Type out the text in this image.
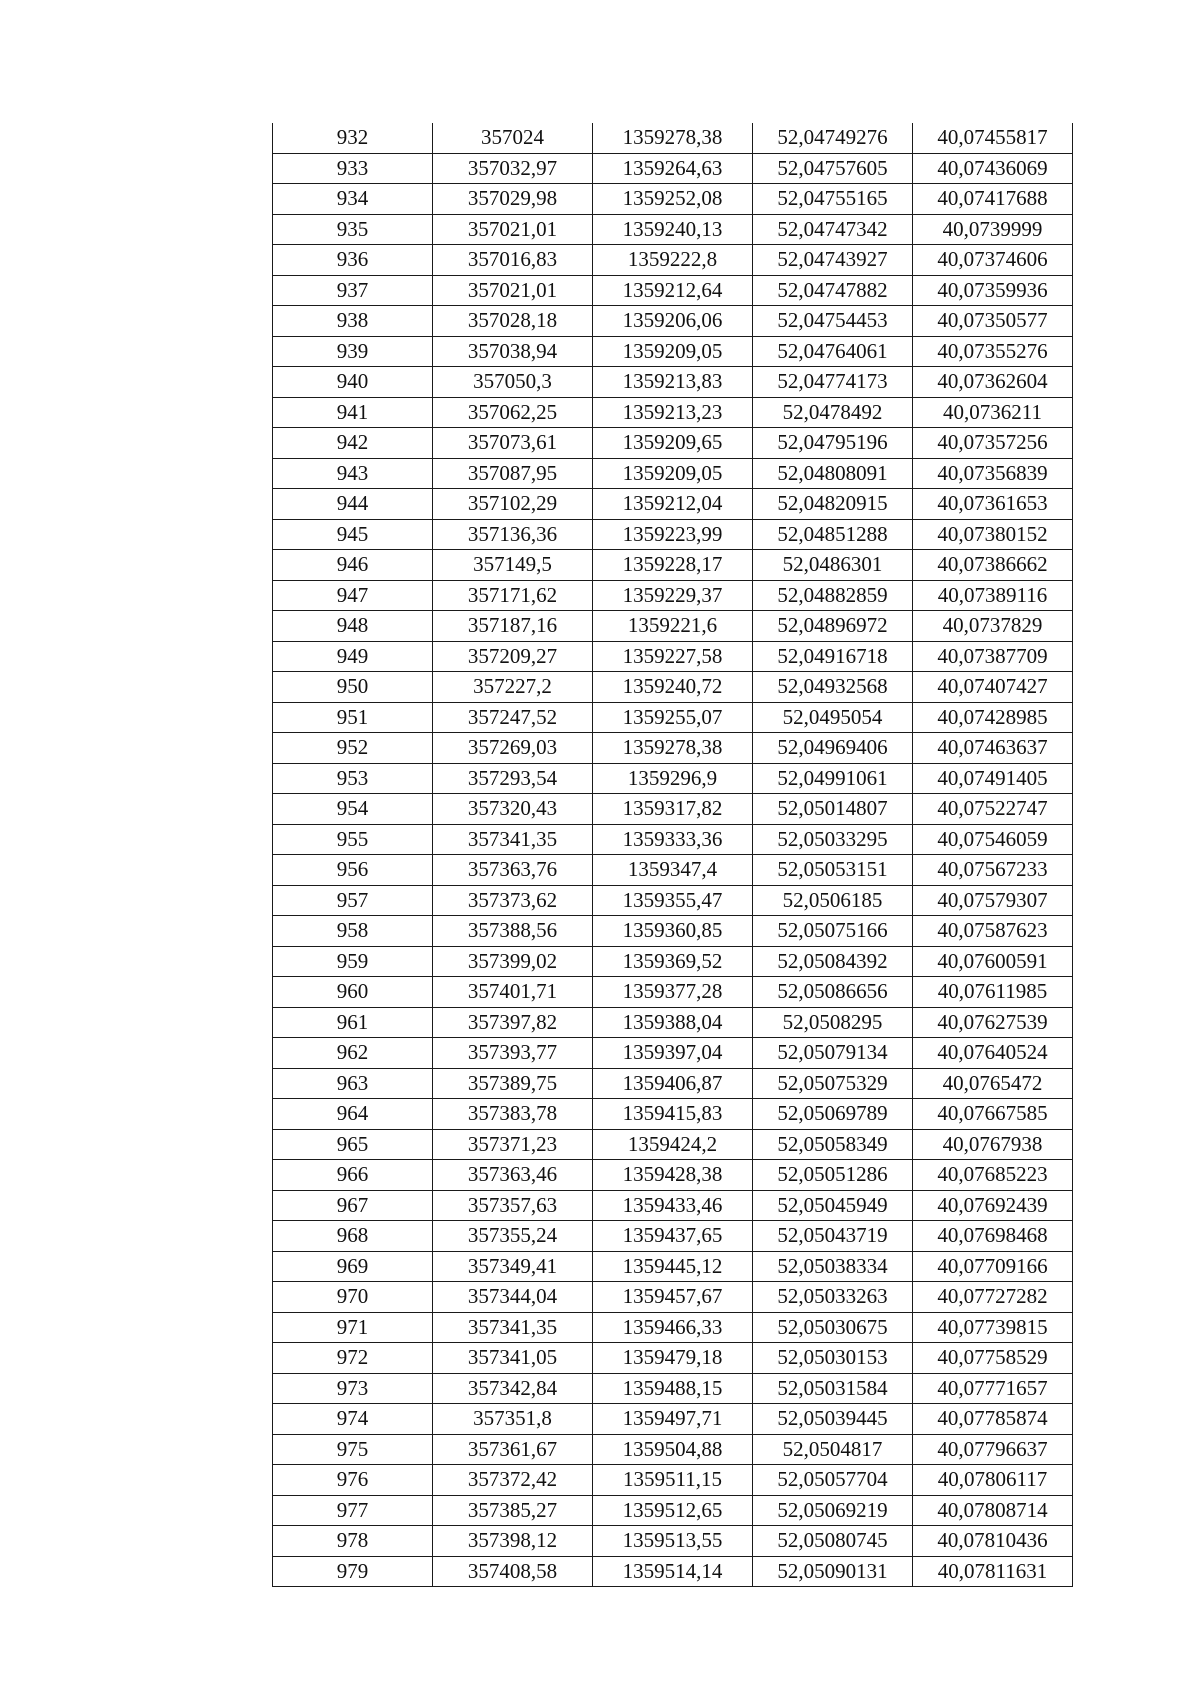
932	357024	1359278,38	52,04749276	40,07455817
933	357032,97	1359264,63	52,04757605	40,07436069
934	357029,98	1359252,08	52,04755165	40,07417688
935	357021,01	1359240,13	52,04747342	40,0739999
936	357016,83	1359222,8	52,04743927	40,07374606
937	357021,01	1359212,64	52,04747882	40,07359936
938	357028,18	1359206,06	52,04754453	40,07350577
939	357038,94	1359209,05	52,04764061	40,07355276
940	357050,3	1359213,83	52,04774173	40,07362604
941	357062,25	1359213,23	52,0478492	40,0736211
942	357073,61	1359209,65	52,04795196	40,07357256
943	357087,95	1359209,05	52,04808091	40,07356839
944	357102,29	1359212,04	52,04820915	40,07361653
945	357136,36	1359223,99	52,04851288	40,07380152
946	357149,5	1359228,17	52,0486301	40,07386662
947	357171,62	1359229,37	52,04882859	40,07389116
948	357187,16	1359221,6	52,04896972	40,0737829
949	357209,27	1359227,58	52,04916718	40,07387709
950	357227,2	1359240,72	52,04932568	40,07407427
951	357247,52	1359255,07	52,0495054	40,07428985
952	357269,03	1359278,38	52,04969406	40,07463637
953	357293,54	1359296,9	52,04991061	40,07491405
954	357320,43	1359317,82	52,05014807	40,07522747
955	357341,35	1359333,36	52,05033295	40,07546059
956	357363,76	1359347,4	52,05053151	40,07567233
957	357373,62	1359355,47	52,0506185	40,07579307
958	357388,56	1359360,85	52,05075166	40,07587623
959	357399,02	1359369,52	52,05084392	40,07600591
960	357401,71	1359377,28	52,05086656	40,07611985
961	357397,82	1359388,04	52,0508295	40,07627539
962	357393,77	1359397,04	52,05079134	40,07640524
963	357389,75	1359406,87	52,05075329	40,0765472
964	357383,78	1359415,83	52,05069789	40,07667585
965	357371,23	1359424,2	52,05058349	40,0767938
966	357363,46	1359428,38	52,05051286	40,07685223
967	357357,63	1359433,46	52,05045949	40,07692439
968	357355,24	1359437,65	52,05043719	40,07698468
969	357349,41	1359445,12	52,05038334	40,07709166
970	357344,04	1359457,67	52,05033263	40,07727282
971	357341,35	1359466,33	52,05030675	40,07739815
972	357341,05	1359479,18	52,05030153	40,07758529
973	357342,84	1359488,15	52,05031584	40,07771657
974	357351,8	1359497,71	52,05039445	40,07785874
975	357361,67	1359504,88	52,0504817	40,07796637
976	357372,42	1359511,15	52,05057704	40,07806117
977	357385,27	1359512,65	52,05069219	40,07808714
978	357398,12	1359513,55	52,05080745	40,07810436
979	357408,58	1359514,14	52,05090131	40,07811631
